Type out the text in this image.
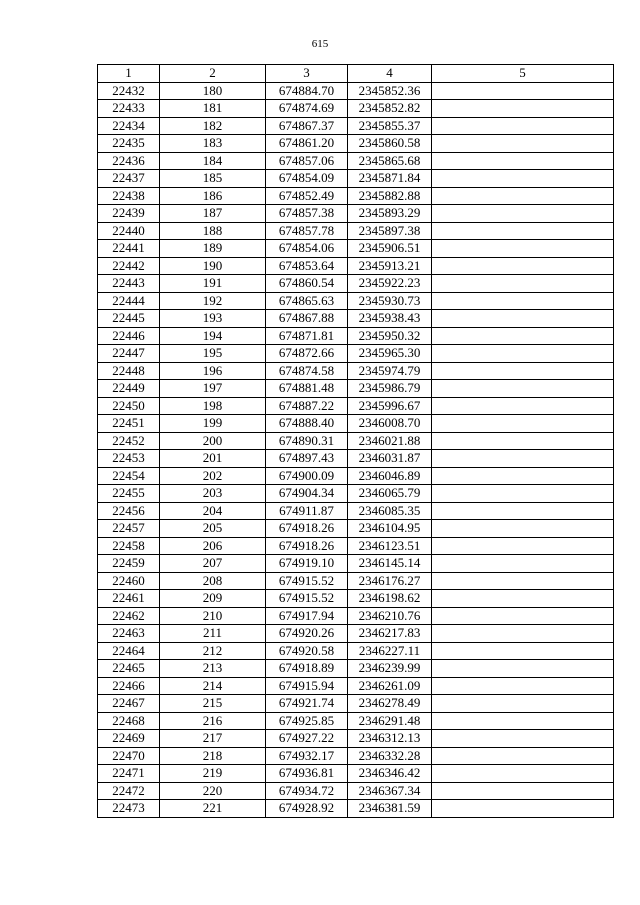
615
1	2	3	4	5
22432	180	674884.70	2345852.36	
22433	181	674874.69	2345852.82	
22434	182	674867.37	2345855.37	
22435	183	674861.20	2345860.58	
22436	184	674857.06	2345865.68	
22437	185	674854.09	2345871.84	
22438	186	674852.49	2345882.88	
22439	187	674857.38	2345893.29	
22440	188	674857.78	2345897.38	
22441	189	674854.06	2345906.51	
22442	190	674853.64	2345913.21	
22443	191	674860.54	2345922.23	
22444	192	674865.63	2345930.73	
22445	193	674867.88	2345938.43	
22446	194	674871.81	2345950.32	
22447	195	674872.66	2345965.30	
22448	196	674874.58	2345974.79	
22449	197	674881.48	2345986.79	
22450	198	674887.22	2345996.67	
22451	199	674888.40	2346008.70	
22452	200	674890.31	2346021.88	
22453	201	674897.43	2346031.87	
22454	202	674900.09	2346046.89	
22455	203	674904.34	2346065.79	
22456	204	674911.87	2346085.35	
22457	205	674918.26	2346104.95	
22458	206	674918.26	2346123.51	
22459	207	674919.10	2346145.14	
22460	208	674915.52	2346176.27	
22461	209	674915.52	2346198.62	
22462	210	674917.94	2346210.76	
22463	211	674920.26	2346217.83	
22464	212	674920.58	2346227.11	
22465	213	674918.89	2346239.99	
22466	214	674915.94	2346261.09	
22467	215	674921.74	2346278.49	
22468	216	674925.85	2346291.48	
22469	217	674927.22	2346312.13	
22470	218	674932.17	2346332.28	
22471	219	674936.81	2346346.42	
22472	220	674934.72	2346367.34	
22473	221	674928.92	2346381.59	
